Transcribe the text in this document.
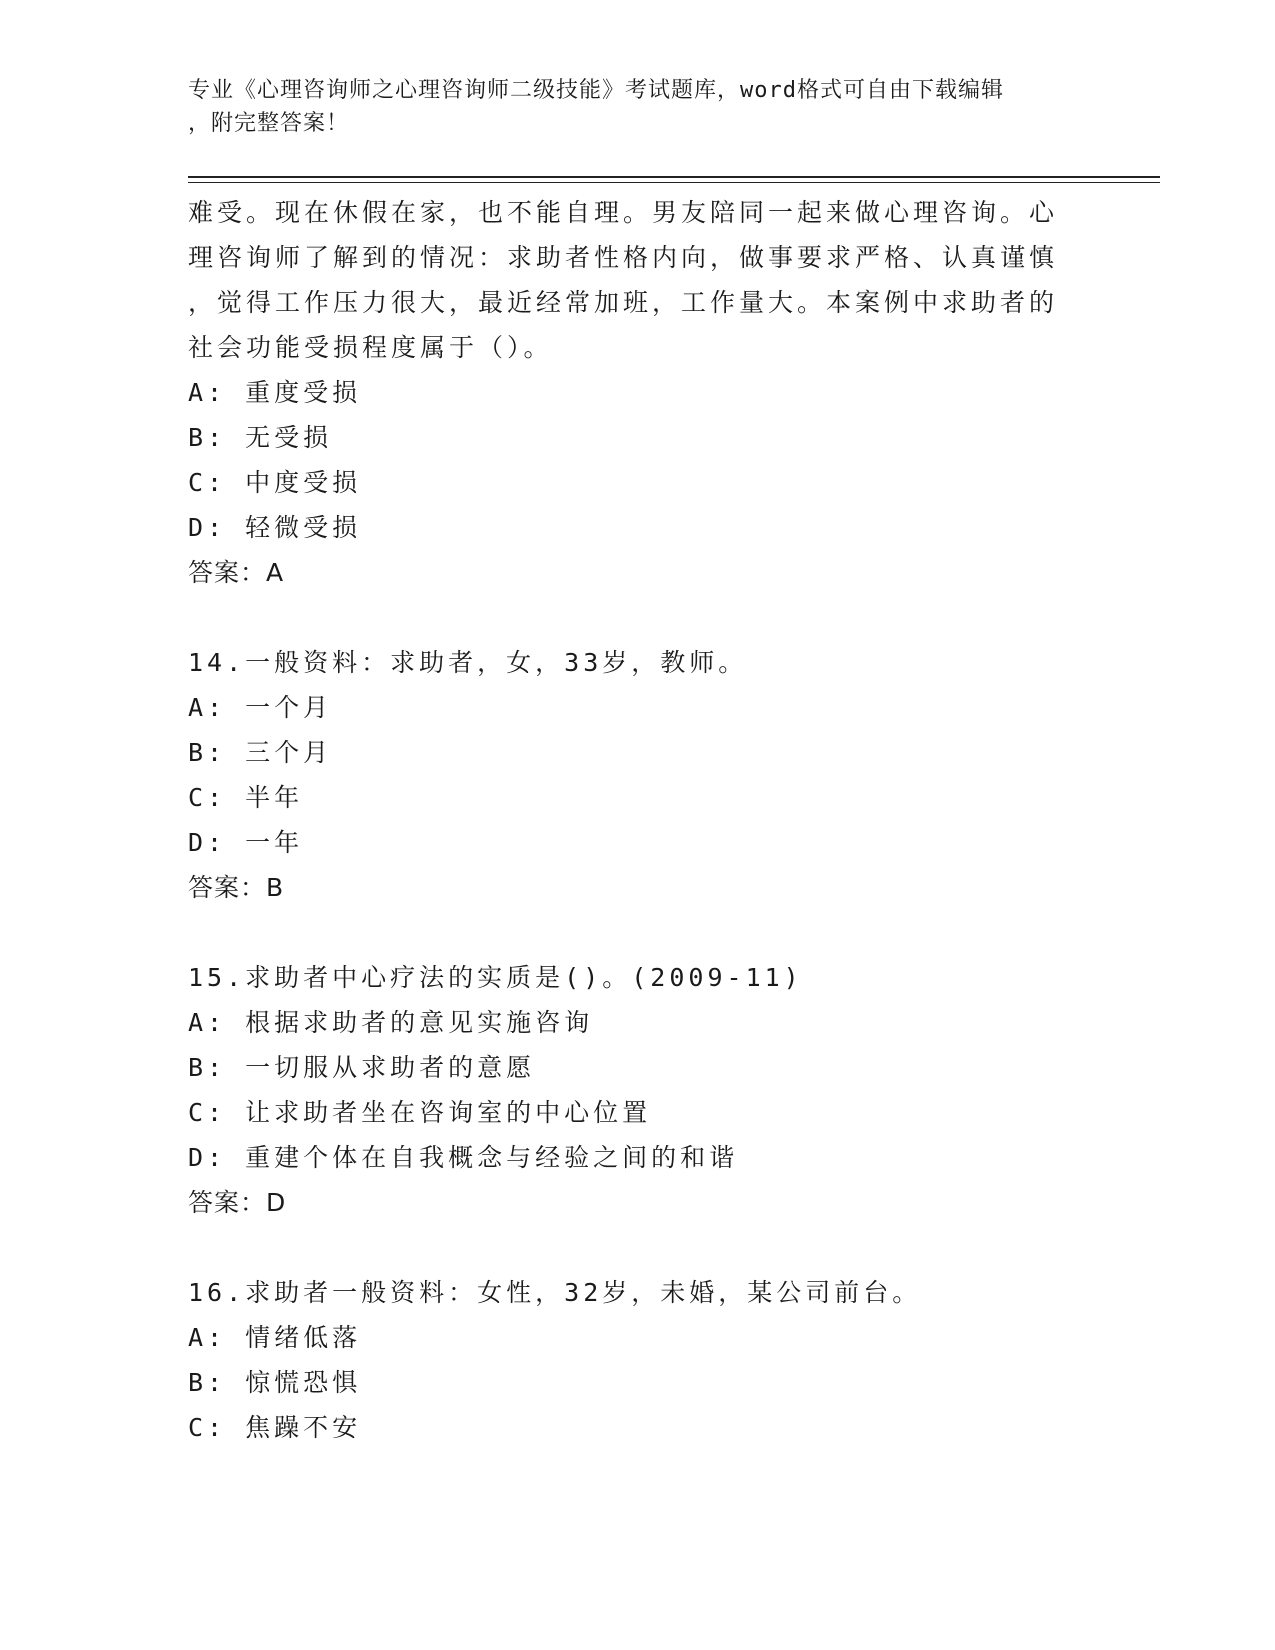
专业《心理咨询师之心理咨询师二级技能》考试题库，word格式可自由下载编辑
，附完整答案！
难受。现在休假在家，也不能自理。男友陪同一起来做心理咨询。心
理咨询师了解到的情况：求助者性格内向，做事要求严格、认真谨慎
，觉得工作压力很大，最近经常加班，工作量大。本案例中求助者的
社会功能受损程度属于（）。
A: 重度受损
B: 无受损
C: 中度受损
D: 轻微受损
答案：A
14.一般资料：求助者，女，33岁，教师。
A: 一个月
B: 三个月
C: 半年
D: 一年
答案：B
15.求助者中心疗法的实质是()。(2009-11)
A: 根据求助者的意见实施咨询
B: 一切服从求助者的意愿
C: 让求助者坐在咨询室的中心位置
D: 重建个体在自我概念与经验之间的和谐
答案：D
16.求助者一般资料：女性，32岁，未婚，某公司前台。
A: 情绪低落
B: 惊慌恐惧
C: 焦躁不安
